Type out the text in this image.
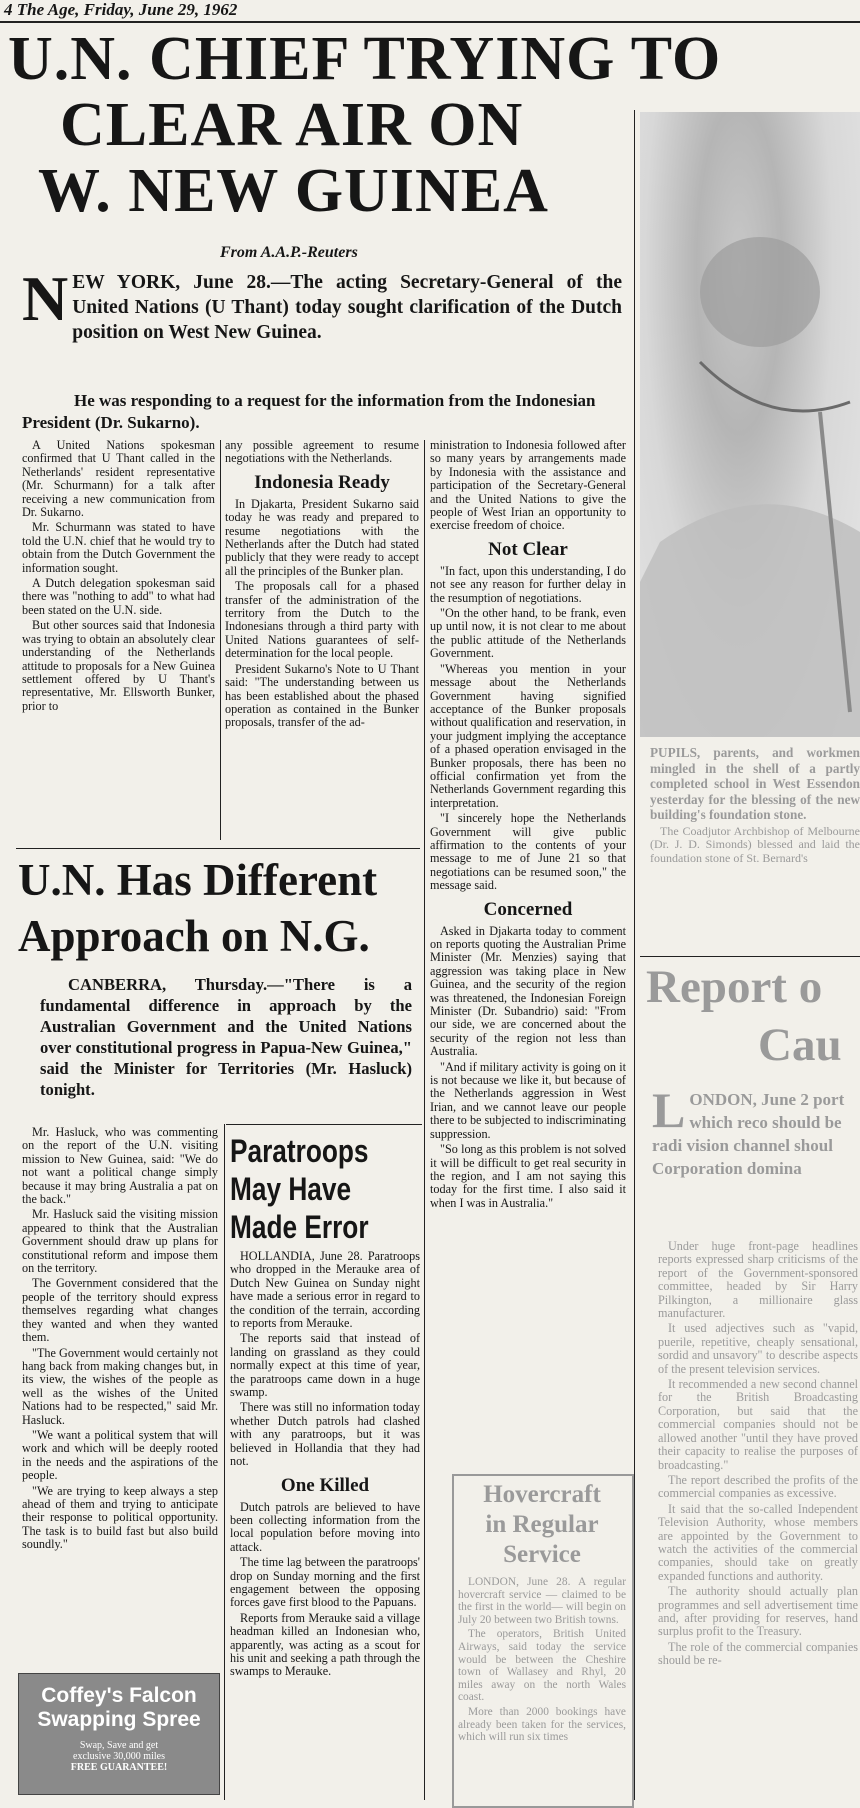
4 The Age, Friday, June 29, 1962
U.N. CHIEF TRYING TO
CLEAR AIR ON
W. NEW GUINEA
From A.A.P.-Reuters
N EW YORK, June 28.—The acting Secretary-General of the United Nations (U Thant) today sought clarification of the Dutch position on West New Guinea.
He was responding to a request for the information from the Indonesian President (Dr. Sukarno).

A United Nations spokesman confirmed that U Thant called in the Netherlands' resident representative (Mr. Schurmann) for a talk after receiving a new communication from Dr. Sukarno.

Mr. Schurmann was stated to have told the U.N. chief that he would try to obtain from the Dutch Government the information sought.

A Dutch delegation spokesman said there was "nothing to add" to what had been stated on the U.N. side.

But other sources said that Indonesia was trying to obtain an absolutely clear understanding of the Netherlands attitude to proposals for a New Guinea settlement offered by U Thant's representative, Mr. Ellsworth Bunker, prior to

any possible agreement to resume negotiations with the Netherlands.

Indonesia Ready

In Djakarta, President Sukarno said today he was ready and prepared to resume negotiations with the Netherlands after the Dutch had stated publicly that they were ready to accept all the principles of the Bunker plan.

The proposals call for a phased transfer of the administration of the territory from the Dutch to the Indonesians through a third party with United Nations guarantees of self-determination for the local people.

President Sukarno's Note to U Thant said: "The understanding between us has been established about the phased operation as contained in the Bunker proposals, transfer of the ad-

ministration to Indonesia followed after so many years by arrangements made by Indonesia with the assistance and participation of the Secretary-General and the United Nations to give the people of West Irian an opportunity to exercise freedom of choice.

Not Clear

"In fact, upon this understanding, I do not see any reason for further delay in the resumption of negotiations.

"On the other hand, to be frank, even up until now, it is not clear to me about the public attitude of the Netherlands Government.

"Whereas you mention in your message about the Netherlands Government having signified acceptance of the Bunker proposals without qualification and reservation, in your judgment implying the acceptance of a phased operation envisaged in the Bunker proposals, there has been no official confirmation yet from the Netherlands Government regarding this interpretation.

"I sincerely hope the Netherlands Government will give public affirmation to the contents of your message to me of June 21 so that negotiations can be resumed soon," the message said.

Concerned

Asked in Djakarta today to comment on reports quoting the Australian Prime Minister (Mr. Menzies) saying that aggression was taking place in New Guinea, and the security of the region was threatened, the Indonesian Foreign Minister (Dr. Subandrio) said: "From our side, we are concerned about the security of the region not less than Australia.

"And if military activity is going on it is not because we like it, but because of the Netherlands aggression in West Irian, and we cannot leave our people there to be subjected to indiscriminating suppression.

"So long as this problem is not solved it will be difficult to get real security in the region, and I am not saying this today for the first time. I also said it when I was in Australia."

U.N. Has Different
Approach on N.G.
CANBERRA, Thursday.—"There is a fundamental difference in approach by the Australian Government and the United Nations over constitutional progress in Papua-New Guinea," said the Minister for Territories (Mr. Hasluck) tonight.

Mr. Hasluck, who was commenting on the report of the U.N. visiting mission to New Guinea, said: "We do not want a political change simply because it may bring Australia a pat on the back."

Mr. Hasluck said the visiting mission appeared to think that the Australian Government should draw up plans for constitutional reform and impose them on the territory.

The Government considered that the people of the territory should express themselves regarding what changes they wanted and when they wanted them.

"The Government would certainly not hang back from making changes but, in its view, the wishes of the people as well as the wishes of the United Nations had to be respected," said Mr. Hasluck.

"We want a political system that will work and which will be deeply rooted in the needs and the aspirations of the people.

"We are trying to keep always a step ahead of them and trying to anticipate their response to political opportunity. The task is to build fast but also build soundly."

Paratroops
May Have
Made Error

HOLLANDIA, June 28. Paratroops who dropped in the Merauke area of Dutch New Guinea on Sunday night have made a serious error in regard to the condition of the terrain, according to reports from Merauke.

The reports said that instead of landing on grassland as they could normally expect at this time of year, the paratroops came down in a huge swamp.

There was still no information today whether Dutch patrols had clashed with any paratroops, but it was believed in Hollandia that they had not.

One Killed

Dutch patrols are believed to have been collecting information from the local population before moving into attack.

The time lag between the paratroops' drop on Sunday morning and the first engagement between the opposing forces gave first blood to the Papuans.

Reports from Merauke said a village headman killed an Indonesian who, apparently, was acting as a scout for his unit and seeking a path through the swamps to Merauke.

Coffey's Falcon
Swapping Spree
Swap, Save and get
exclusive 30,000 miles
FREE GUARANTEE!
Hovercraft
in Regular
Service

LONDON, June 28. A regular hovercraft service — claimed to be the first in the world— will begin on July 20 between two British towns.

The operators, British United Airways, said today the service would be between the Cheshire town of Wallasey and Rhyl, 20 miles away on the north Wales coast.

More than 2000 bookings have already been taken for the services, which will run six times

PUPILS, parents, and workmen mingled in the shell of a partly completed school in West Essendon yesterday for the blessing of the new building's foundation stone.

The Coadjutor Archbishop of Melbourne (Dr. J. D. Simonds) blessed and laid the foundation stone of St. Bernard's

Report o
Cau
L ONDON, June 2 port which reco should be radi vision channel shoul Corporation domina

Under huge front-page headlines reports expressed sharp criticisms of the report of the Government-sponsored committee, headed by Sir Harry Pilkington, a millionaire glass manufacturer.

It used adjectives such as "vapid, puerile, repetitive, cheaply sensational, sordid and unsavory" to describe aspects of the present television services.

It recommended a new second channel for the British Broadcasting Corporation, but said that the commercial companies should not be allowed another "until they have proved their capacity to realise the purposes of broadcasting."

The report described the profits of the commercial companies as excessive.

It said that the so-called Independent Television Authority, whose members are appointed by the Government to watch the activities of the commercial companies, should take on greatly expanded functions and authority.

The authority should actually plan programmes and sell advertisement time and, after providing for reserves, hand surplus profit to the Treasury.

The role of the commercial companies should be re-
